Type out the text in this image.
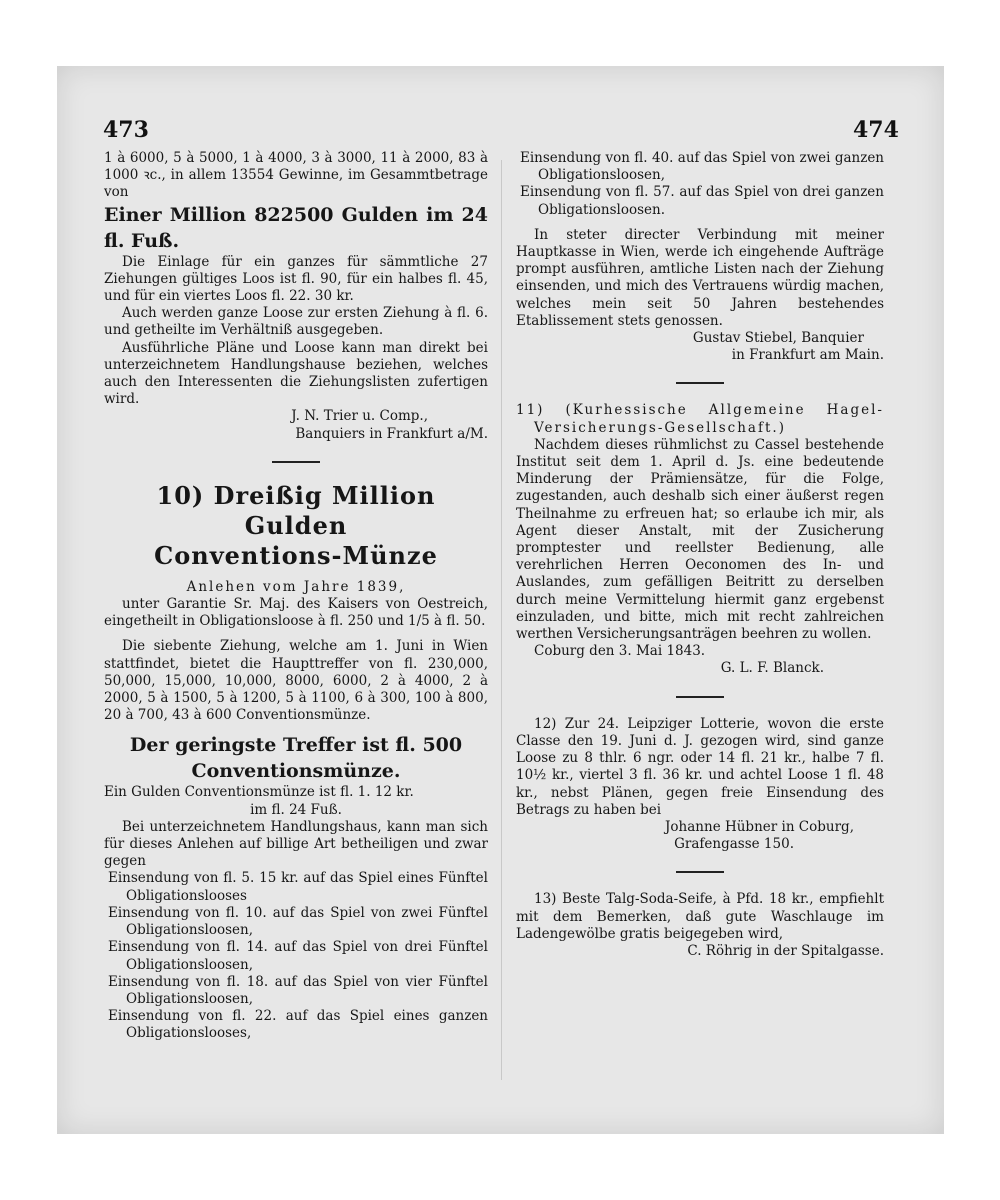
473	474

1 à 6000, 5 à 5000, 1 à 4000, 3 à 3000, 11 à 2000, 83 à 1000 ꝛc., in allem 13554 Gewinne, im Gesammtbetrage von

Einer Million 822500 Gulden im 24 fl. Fuß.

Die Einlage für ein ganzes für sämmtliche 27 Ziehungen gültiges Loos ist fl. 90, für ein halbes fl. 45, und für ein viertes Loos fl. 22. 30 kr.

Auch werden ganze Loose zur ersten Ziehung à fl. 6. und getheilte im Verhältniß ausgegeben.

Ausführliche Pläne und Loose kann man direkt bei unterzeichnetem Handlungshause beziehen, welches auch den Interessenten die Ziehungslisten zufertigen wird.

J. N. Trier u. Comp.,

Banquiers in Frankfurt a/M.

10) Dreißig Million Gulden

Conventions-Münze

Anlehen vom Jahre 1839,

unter Garantie Sr. Maj. des Kaisers von Oestreich, eingetheilt in Obligationsloose à fl. 250 und 1/5 à fl. 50.

Die siebente Ziehung, welche am 1. Juni in Wien stattfindet, bietet die Haupttreffer von fl. 230,000, 50,000, 15,000, 10,000, 8000, 6000, 2 à 4000, 2 à 2000, 5 à 1500, 5 à 1200, 5 à 1100, 6 à 300, 100 à 800, 20 à 700, 43 à 600 Conventionsmünze.

Der geringste Treffer ist fl. 500

Conventionsmünze.

Ein Gulden Conventionsmünze ist fl. 1. 12 kr.

im fl. 24 Fuß.

Bei unterzeichnetem Handlungshaus, kann man sich für dieses Anlehen auf billige Art betheiligen und zwar gegen

Einsendung von fl. 5. 15 kr. auf das Spiel eines Fünftel Obligationslooses

Einsendung von fl. 10. auf das Spiel von zwei Fünftel Obligationsloosen,

Einsendung von fl. 14. auf das Spiel von drei Fünftel Obligationsloosen,

Einsendung von fl. 18. auf das Spiel von vier Fünftel Obligationsloosen,

Einsendung von fl. 22. auf das Spiel eines ganzen Obligationslooses,

Einsendung von fl. 40. auf das Spiel von zwei ganzen Obligationsloosen,

Einsendung von fl. 57. auf das Spiel von drei ganzen Obligationsloosen.

In steter directer Verbindung mit meiner Hauptkasse in Wien, werde ich eingehende Aufträge prompt ausführen, amtliche Listen nach der Ziehung einsenden, und mich des Vertrauens würdig machen, welches mein seit 50 Jahren bestehendes Etablissement stets genossen.

Gustav Stiebel, Banquier

in Frankfurt am Main.

11) (Kurhessische Allgemeine Hagel-Versicherungs-Gesellschaft.)

Nachdem dieses rühmlichst zu Cassel bestehende Institut seit dem 1. April d. Js. eine bedeutende Minderung der Prämiensätze, für die Folge, zugestanden, auch deshalb sich einer äußerst regen Theilnahme zu erfreuen hat; so erlaube ich mir, als Agent dieser Anstalt, mit der Zusicherung promptester und reellster Bedienung, alle verehrlichen Herren Oeconomen des In- und Auslandes, zum gefälligen Beitritt zu derselben durch meine Vermittelung hiermit ganz ergebenst einzuladen, und bitte, mich mit recht zahlreichen werthen Versicherungsanträgen beehren zu wollen.

Coburg den 3. Mai 1843.

G. L. F. Blanck.

12) Zur 24. Leipziger Lotterie, wovon die erste Classe den 19. Juni d. J. gezogen wird, sind ganze Loose zu 8 thlr. 6 ngr. oder 14 fl. 21 kr., halbe 7 fl. 10½ kr., viertel 3 fl. 36 kr. und achtel Loose 1 fl. 48 kr., nebst Plänen, gegen freie Einsendung des Betrags zu haben bei

Johanne Hübner in Coburg,

Grafengasse 150.

13) Beste Talg-Soda-Seife, à Pfd. 18 kr., empfiehlt mit dem Bemerken, daß gute Waschlauge im Ladengewölbe gratis beigegeben wird,

C. Röhrig in der Spitalgasse.
